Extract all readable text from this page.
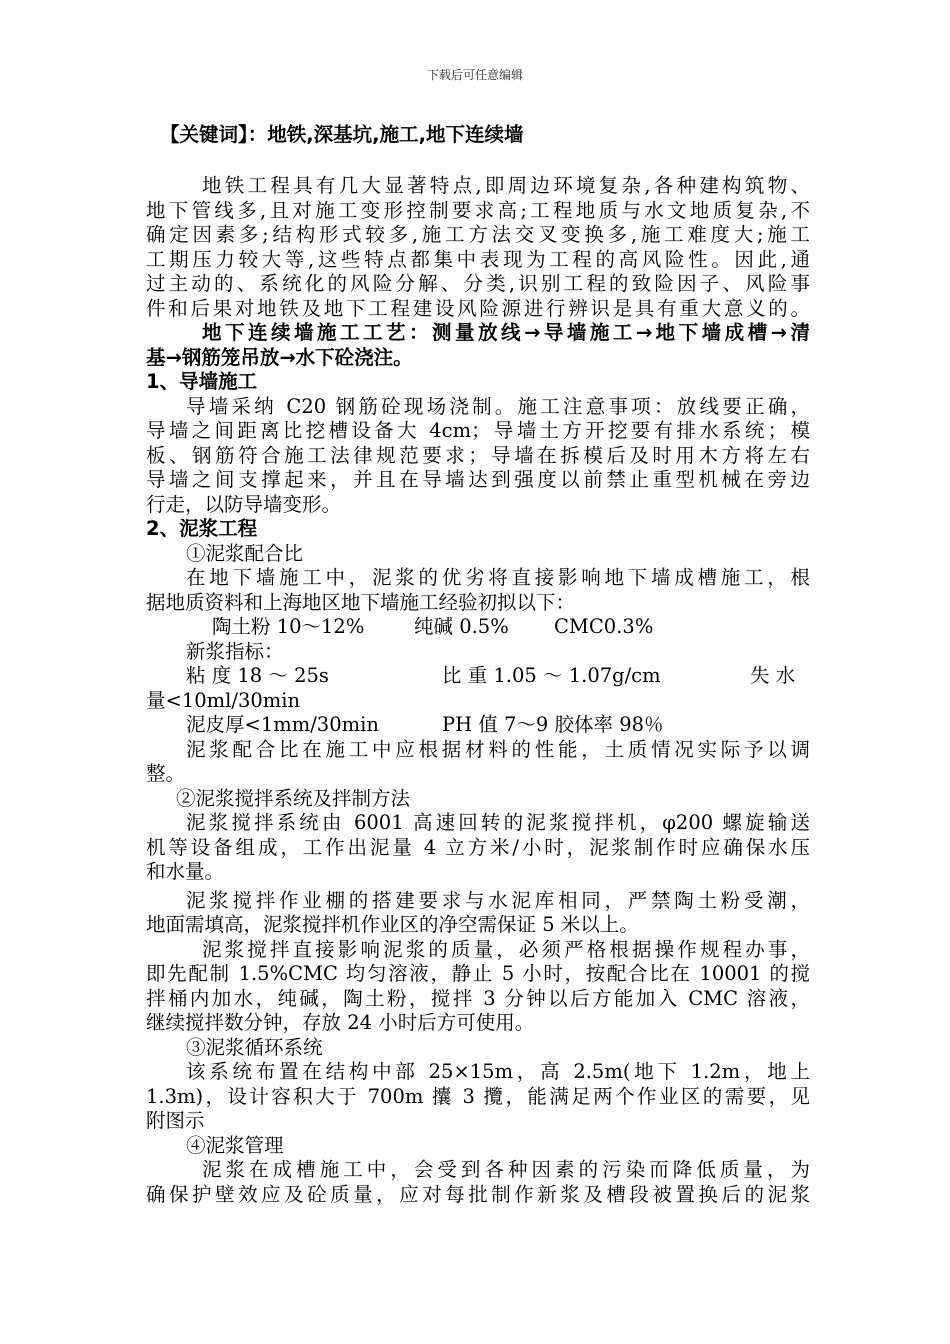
下载后可任意编辑
【关键词】：地铁,深基坑,施工,地下连续墙
地铁工程具有几大显著特点,即周边环境复杂,各种建构筑物、
地下管线多,且对施工变形控制要求高;工程地质与水文地质复杂,不
确定因素多;结构形式较多,施工方法交叉变换多,施工难度大;施工
工期压力较大等,这些特点都集中表现为工程的高风险性。因此,通
过主动的、系统化的风险分解、分类,识别工程的致险因子、风险事
件和后果对地铁及地下工程建设风险源进行辨识是具有重大意义的。
地下连续墙施工工艺：测量放线→导墙施工→地下墙成槽→清
基→钢筋笼吊放→水下砼浇注。
1、导墙施工
导墙采纳 C20 钢筋砼现场浇制。施工注意事项：放线要正确，
导墙之间距离比挖槽设备大 4cm；导墙土方开挖要有排水系统；模
板、钢筋符合施工法律规范要求；导墙在拆模后及时用木方将左右
导墙之间支撑起来，并且在导墙达到强度以前禁止重型机械在旁边
行走，以防导墙变形。
2、泥浆工程
①泥浆配合比
在地下墙施工中，泥浆的优劣将直接影响地下墙成槽施工，根
据地质资料和上海地区地下墙施工经验初拟以下：
陶土粉 10～12%	纯碱 0.5%	CMC0.3%
新浆指标：
粘 度 18 ～ 25s	比 重 1.05 ～ 1.07g/cm	失 水
量<10ml/30min
泥皮厚<1mm/30min	PH 值 7～9 胶体率 98％
泥浆配合比在施工中应根据材料的性能，土质情况实际予以调
整。
②泥浆搅拌系统及拌制方法
泥浆搅拌系统由 6001 高速回转的泥浆搅拌机，φ200 螺旋输送
机等设备组成，工作出泥量 4 立方米/小时，泥浆制作时应确保水压
和水量。
泥浆搅拌作业棚的搭建要求与水泥库相同，严禁陶土粉受潮，
地面需填高，泥浆搅拌机作业区的净空需保证 5 米以上。
泥浆搅拌直接影响泥浆的质量，必须严格根据操作规程办事，
即先配制 1.5%CMC 均匀溶液，静止 5 小时，按配合比在 10001 的搅
拌桶内加水，纯碱，陶土粉，搅拌 3 分钟以后方能加入 CMC 溶液，
继续搅拌数分钟，存放 24 小时后方可使用。
③泥浆循环系统
该系统布置在结构中部 25×15m，高 2.5m(地下 1.2m，地上
1.3m)，设计容积大于 700m 攮 3 攬，能满足两个作业区的需要，见
附图示
④泥浆管理
泥浆在成槽施工中，会受到各种因素的污染而降低质量，为
确保护壁效应及砼质量，应对每批制作新浆及槽段被置换后的泥浆
